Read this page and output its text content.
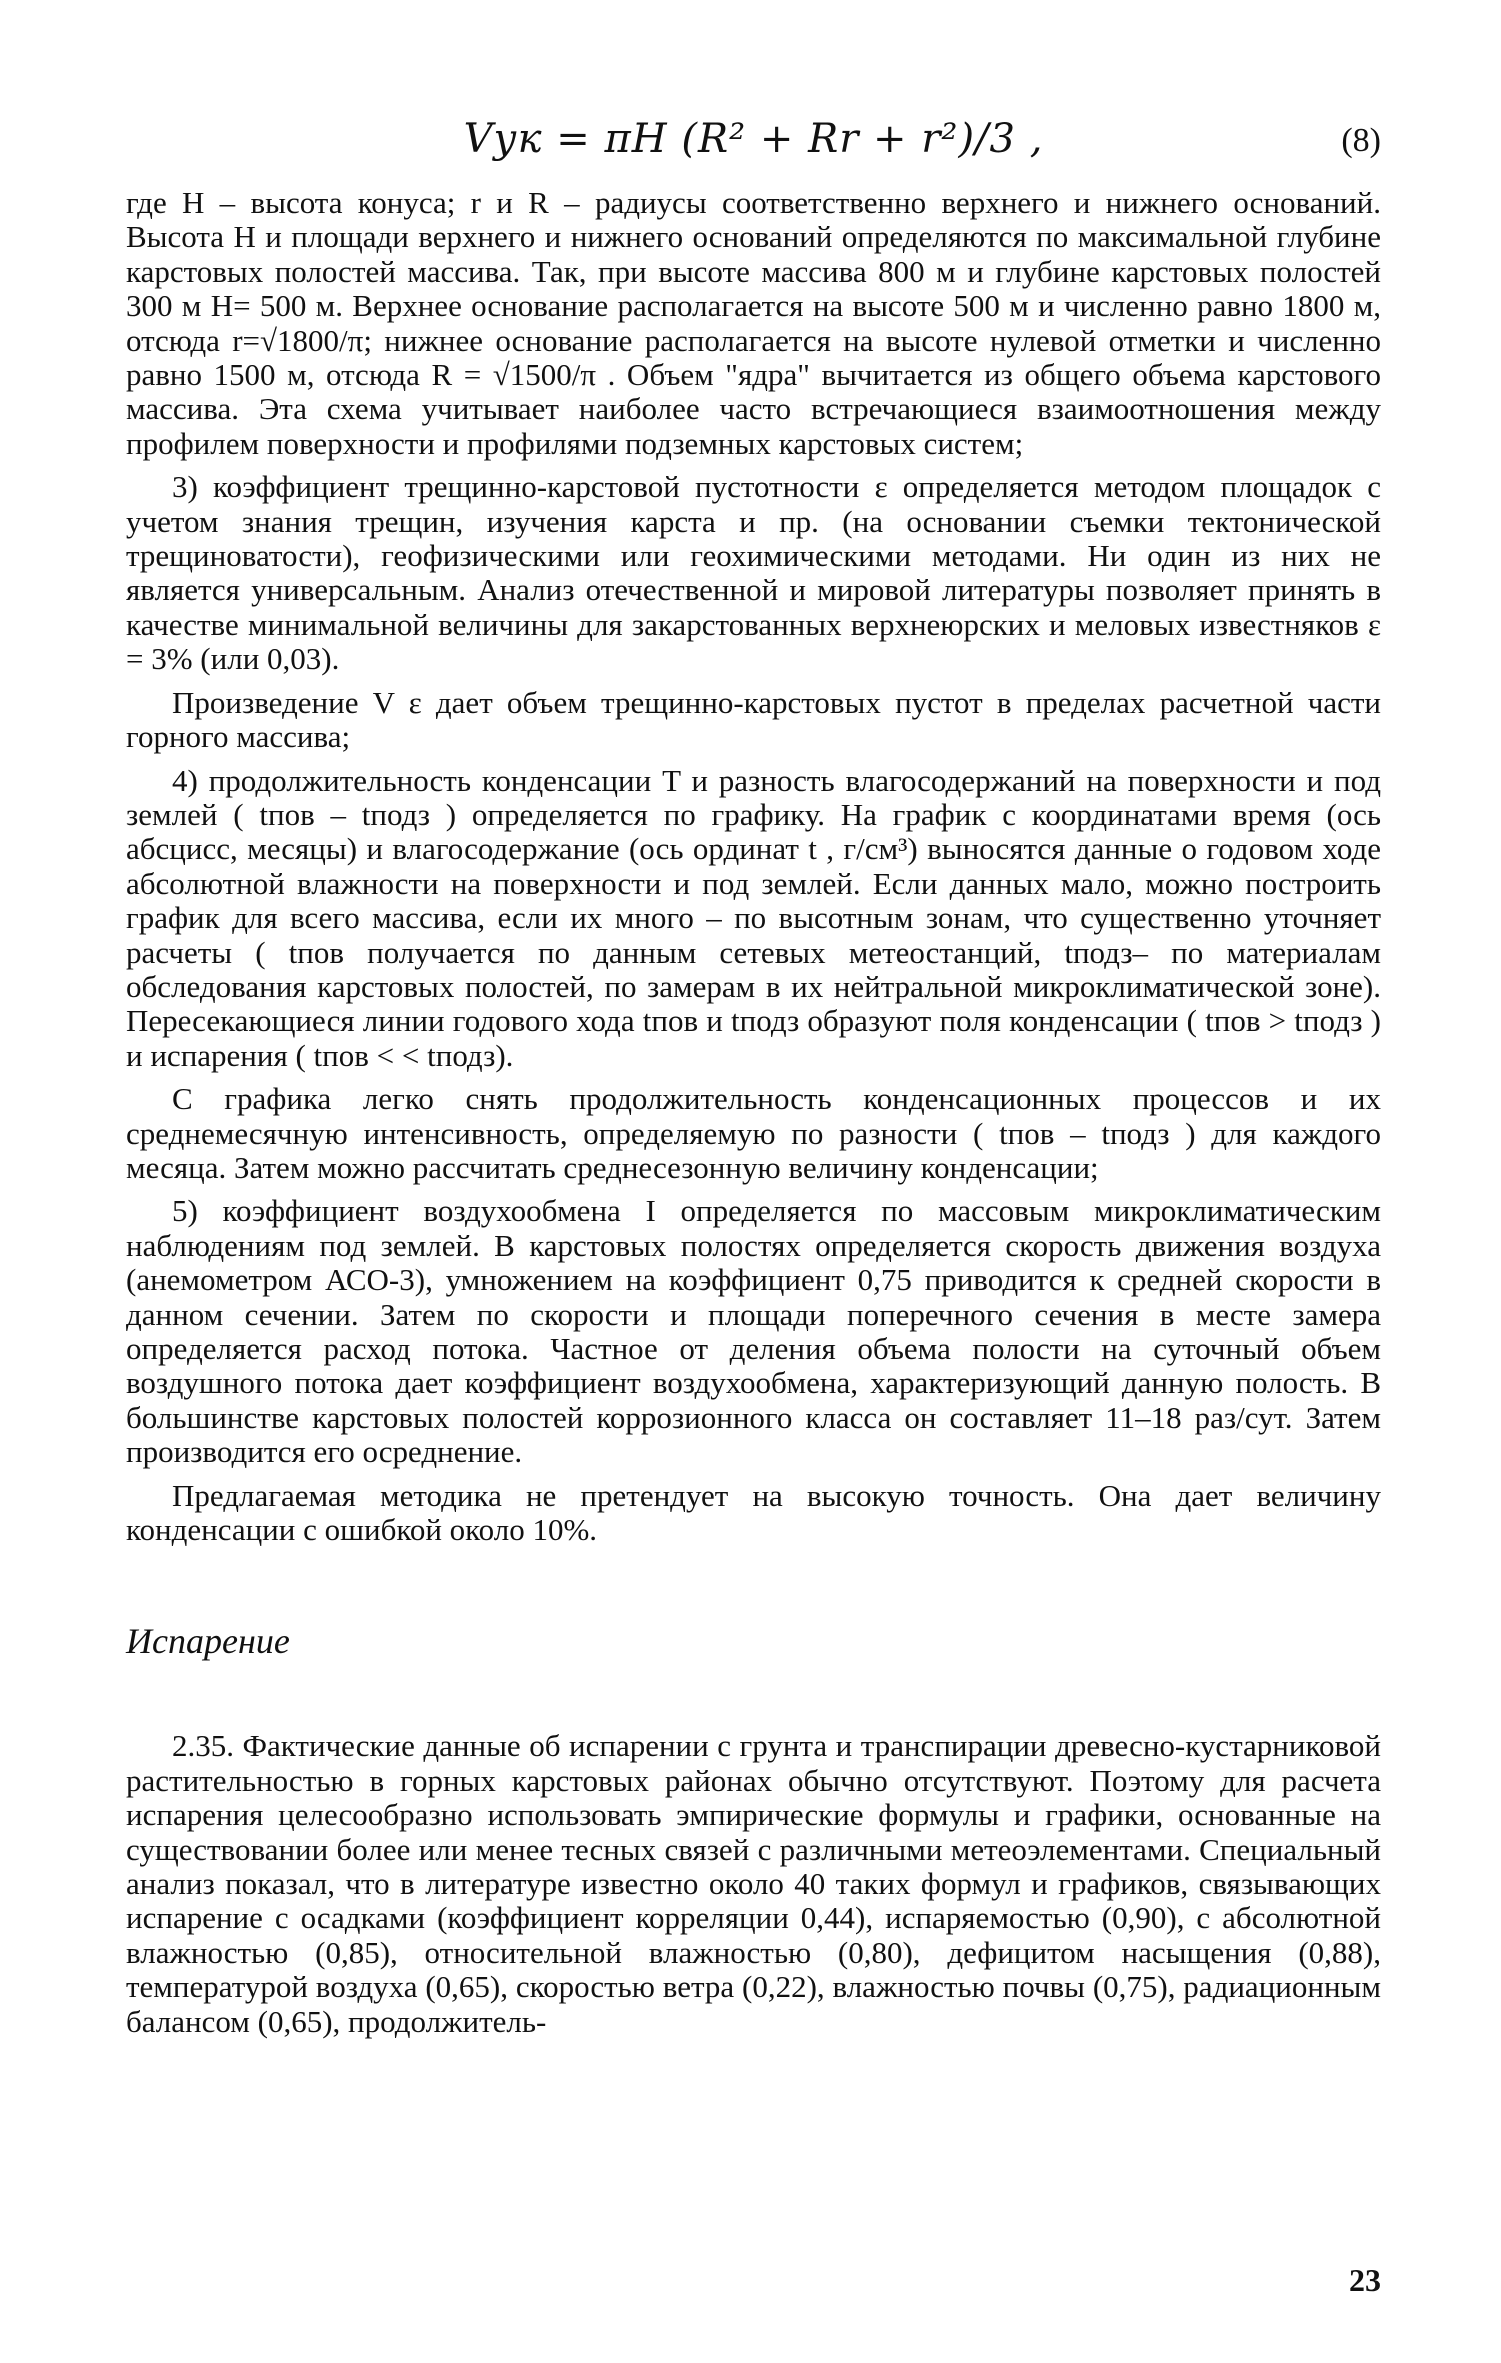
Vук = πH (R² + Rr + r²)/3 ,	(8)

где H – высота конуса; r и R – радиусы соответственно верхнего и нижнего оснований. Высота H и площади верхнего и нижнего оснований определяются по максимальной глубине карстовых полостей массива. Так, при высоте массива 800 м и глубине карстовых полостей 300 м H= 500 м. Верхнее основание располагается на высоте 500 м и численно равно 1800 м, отсюда r=√1800/π; нижнее основание располагается на высоте нулевой отметки и численно равно 1500 м, отсюда R = √1500/π . Объем "ядра" вычитается из общего объема карстового массива. Эта схема учитывает наиболее часто встречающиеся взаимоотношения между профилем поверхности и профилями подземных карстовых систем;

3) коэффициент трещинно-карстовой пустотности ε определяется методом площадок с учетом знания трещин, изучения карста и пр. (на основании съемки тектонической трещиноватости), геофизическими или геохимическими методами. Ни один из них не является универсальным. Анализ отечественной и мировой литературы позволяет принять в качестве минимальной величины для закарстованных верхнеюрских и меловых известняков ε = 3% (или 0,03).

Произведение V ε дает объем трещинно-карстовых пустот в пределах расчетной части горного массива;

4) продолжительность конденсации T и разность влагосодержаний на поверхности и под землей ( tпов – tподз ) определяется по графику. На график с координатами время (ось абсцисс, месяцы) и влагосодержание (ось ординат t , г/см³) выносятся данные о годовом ходе абсолютной влажности на поверхности и под землей. Если данных мало, можно построить график для всего массива, если их много – по высотным зонам, что существенно уточняет расчеты ( tпов получается по данным сетевых метеостанций, tподз– по материалам обследования карстовых полостей, по замерам в их нейтральной микроклиматической зоне). Пересекающиеся линии годового хода tпов и tподз образуют поля конденсации ( tпов > tподз ) и испарения ( tпов < < tподз).

С графика легко снять продолжительность конденсационных процессов и их среднемесячную интенсивность, определяемую по разности ( tпов – tподз ) для каждого месяца. Затем можно рассчитать среднесезонную величину конденсации;

5) коэффициент воздухообмена I определяется по массовым микроклиматическим наблюдениям под землей. В карстовых полостях определяется скорость движения воздуха (анемометром АСО-3), умножением на коэффициент 0,75 приводится к средней скорости в данном сечении. Затем по скорости и площади поперечного сечения в месте замера определяется расход потока. Частное от деления объема полости на суточный объем воздушного потока дает коэффициент воздухообмена, характеризующий данную полость. В большинстве карстовых полостей коррозионного класса он составляет 11–18 раз/сут. Затем производится его осреднение.

Предлагаемая методика не претендует на высокую точность. Она дает величину конденсации с ошибкой около 10%.

Испарение

2.35. Фактические данные об испарении с грунта и транспирации древесно-кустарниковой растительностью в горных карстовых районах обычно отсутствуют. Поэтому для расчета испарения целесообразно использовать эмпирические формулы и графики, основанные на существовании более или менее тесных связей с различными метеоэлементами. Специальный анализ показал, что в литературе известно около 40 таких формул и графиков, связывающих испарение с осадками (коэффициент корреляции 0,44), испаряемостью (0,90), с абсолютной влажностью (0,85), относительной влажностью (0,80), дефицитом насыщения (0,88), температурой воздуха (0,65), скоростью ветра (0,22), влажностью почвы (0,75), радиационным балансом (0,65), продолжитель-

23
